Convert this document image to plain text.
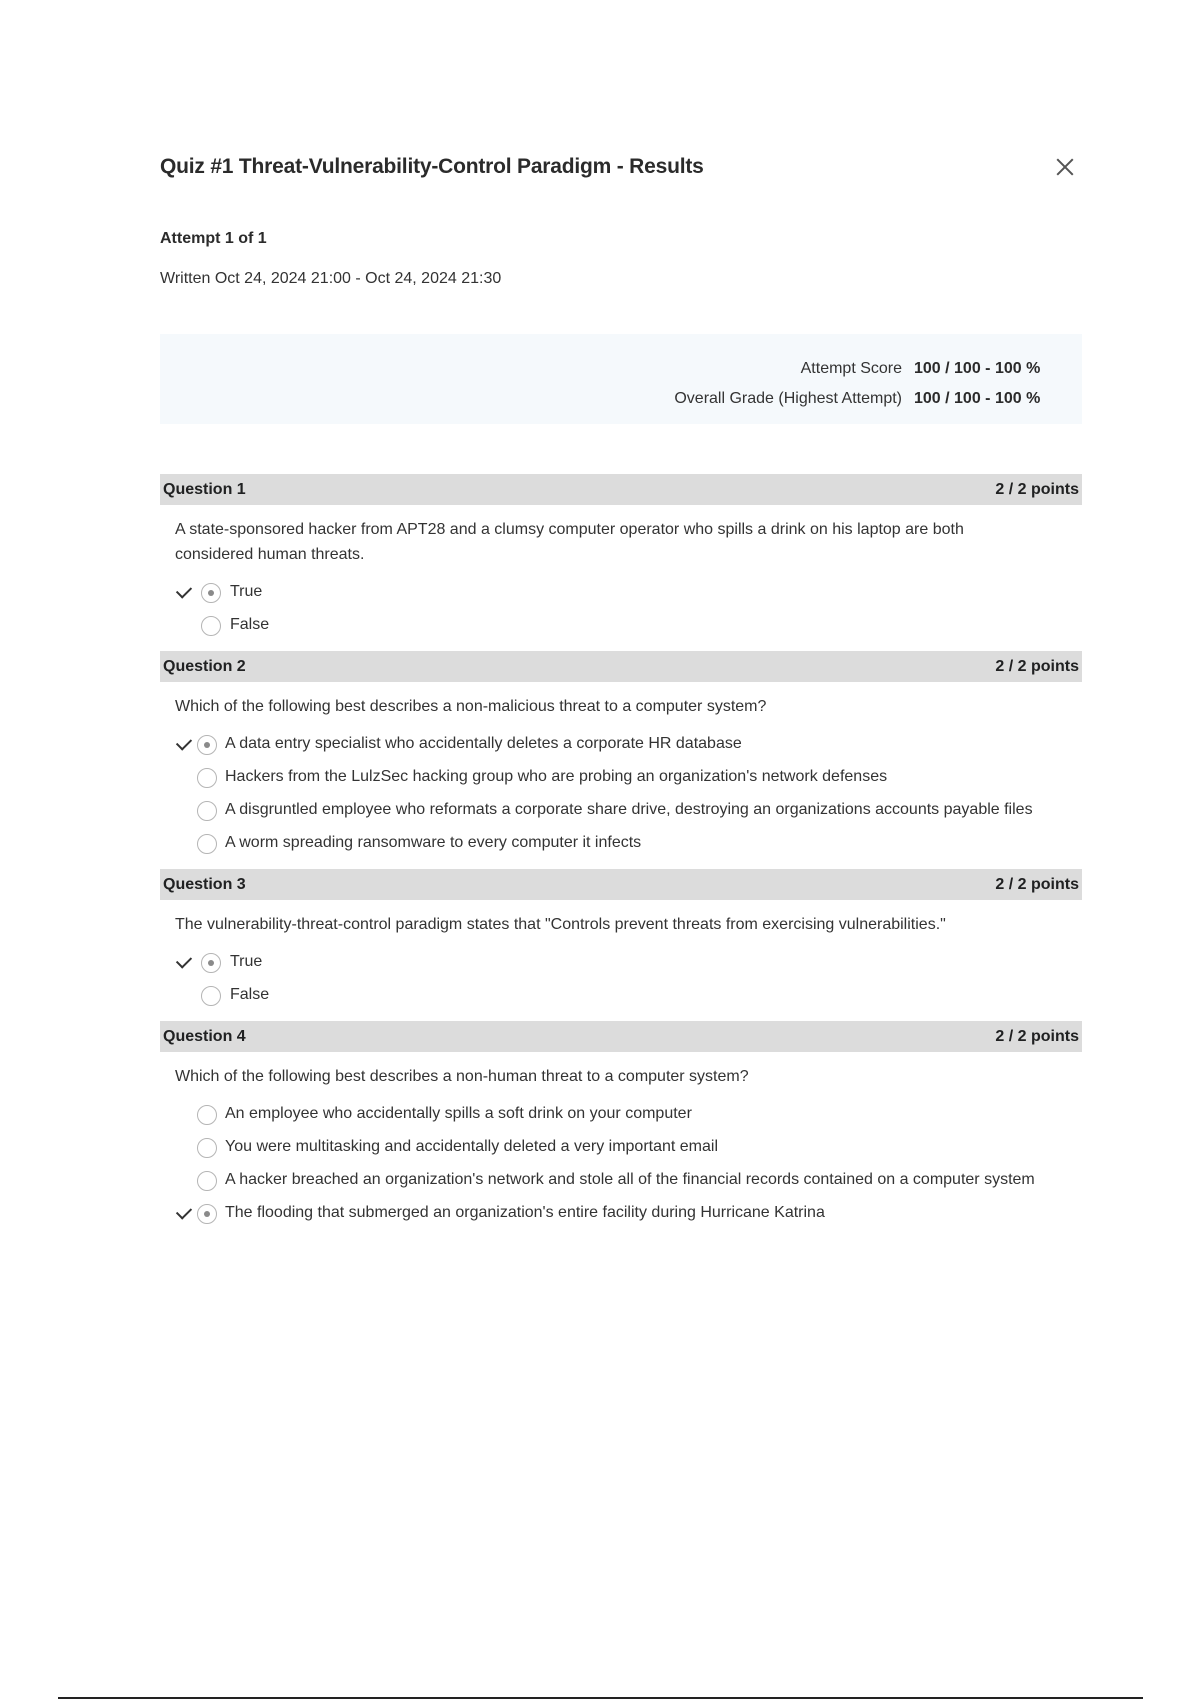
Quiz #1 Threat-Vulnerability-Control Paradigm - Results
Attempt 1 of 1
Written Oct 24, 2024 21:00 - Oct 24, 2024 21:30
Attempt Score 100 / 100 - 100 %
Overall Grade (Highest Attempt) 100 / 100 - 100 %
Question 1	2 / 2 points
A state-sponsored hacker from APT28 and a clumsy computer operator who spills a drink on his laptop are both considered human threats.
True
False
Question 2	2 / 2 points
Which of the following best describes a non-malicious threat to a computer system?
A data entry specialist who accidentally deletes a corporate HR database
Hackers from the LulzSec hacking group who are probing an organization's network defenses
A disgruntled employee who reformats a corporate share drive, destroying an organizations accounts payable files
A worm spreading ransomware to every computer it infects
Question 3	2 / 2 points
The vulnerability-threat-control paradigm states that "Controls prevent threats from exercising vulnerabilities."
True
False
Question 4	2 / 2 points
Which of the following best describes a non-human threat to a computer system?
An employee who accidentally spills a soft drink on your computer
You were multitasking and accidentally deleted a very important email
A hacker breached an organization's network and stole all of the financial records contained on a computer system
The flooding that submerged an organization's entire facility during Hurricane Katrina
